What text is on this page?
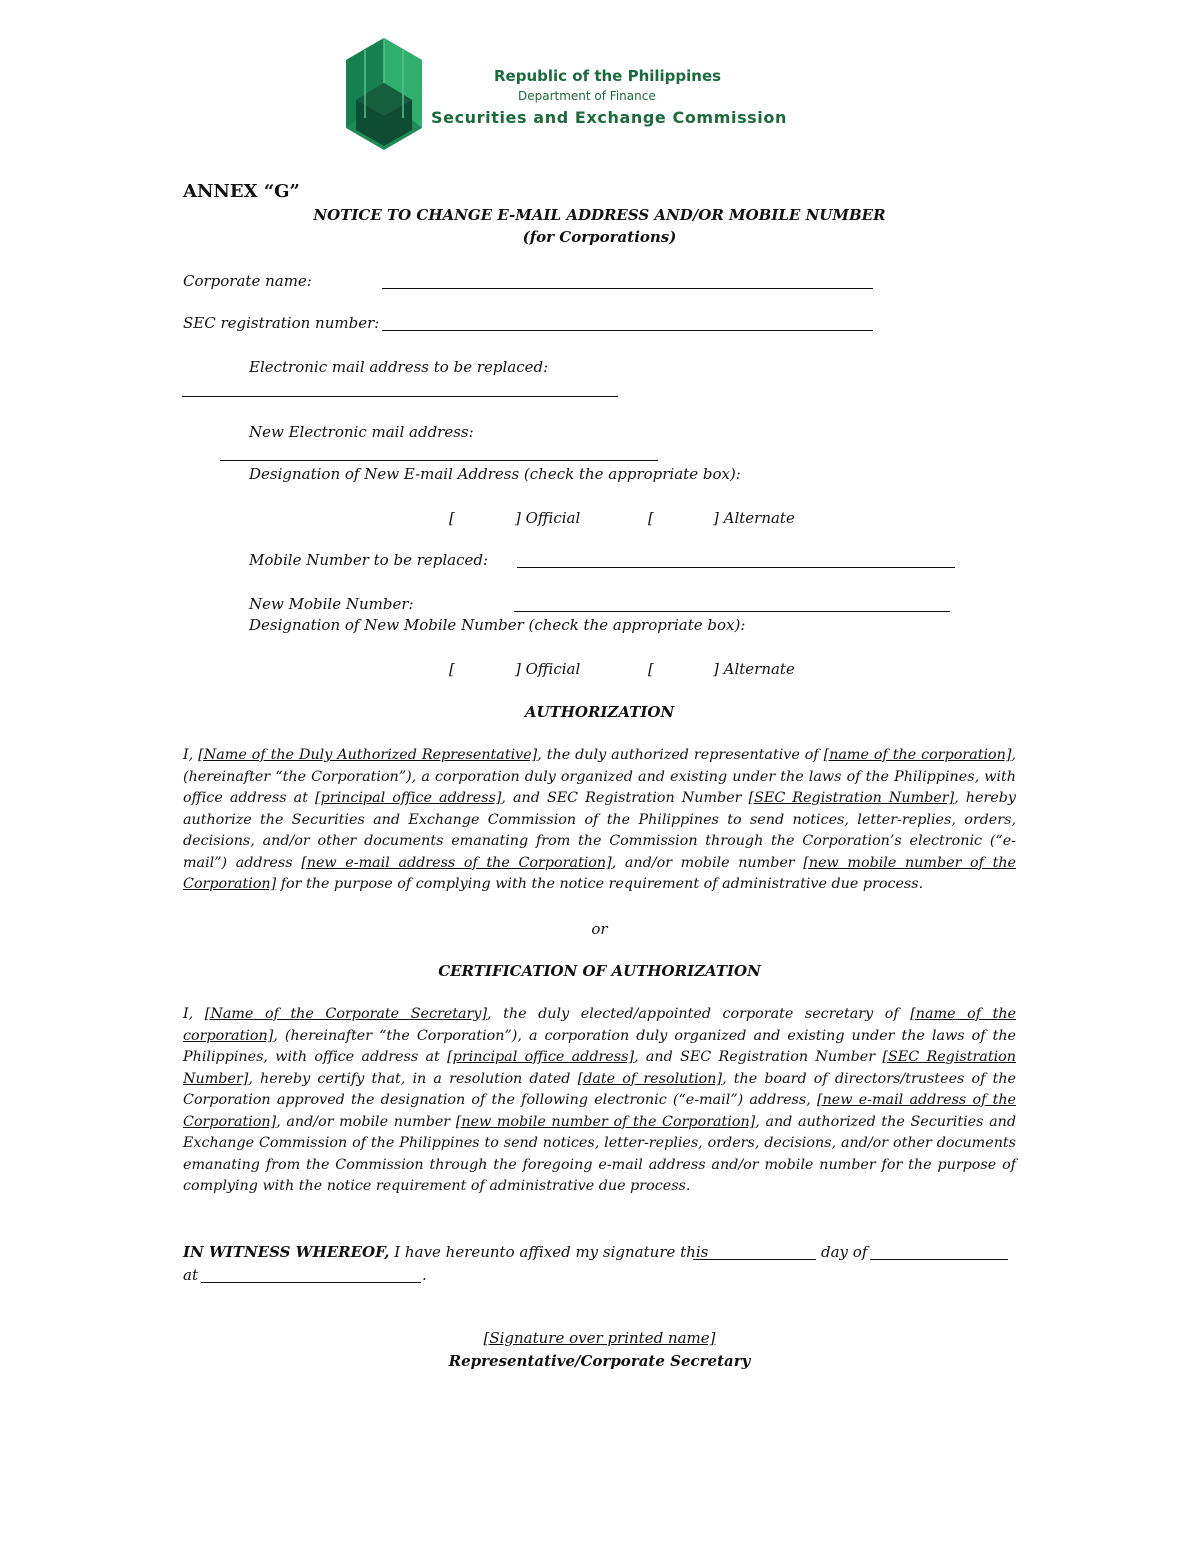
Republic of the Philippines
Department of Finance
Securities and Exchange Commission
ANNEX “G”
NOTICE TO CHANGE E-MAIL ADDRESS AND/OR MOBILE NUMBER
(for Corporations)
Corporate name:
SEC registration number:
Electronic mail address to be replaced:
New Electronic mail address:
Designation of New E-mail Address (check the appropriate box):
[	] Official	[	] Alternate
Mobile Number to be replaced:
New Mobile Number:
Designation of New Mobile Number (check the appropriate box):
[	] Official	[	] Alternate
AUTHORIZATION
I, [Name of the Duly Authorized Representative], the duly authorized representative of [name of the corporation], (hereinafter “the Corporation”), a corporation duly organized and existing under the laws of the Philippines, with office address at [principal office address], and SEC Registration Number [SEC Registration Number], hereby authorize the Securities and Exchange Commission of the Philippines to send notices, letter-replies, orders, decisions, and/or other documents emanating from the Commission through the Corporation’s electronic (“e-mail”) address [new e-mail address of the Corporation], and/or mobile number [new mobile number of the Corporation] for the purpose of complying with the notice requirement of administrative due process.
or
CERTIFICATION OF AUTHORIZATION
I, [Name of the Corporate Secretary], the duly elected/appointed corporate secretary of [name of the corporation], (hereinafter “the Corporation”), a corporation duly organized and existing under the laws of the Philippines, with office address at [principal office address], and SEC Registration Number [SEC Registration Number], hereby certify that, in a resolution dated [date of resolution], the board of directors/trustees of the Corporation approved the designation of the following electronic (“e-mail”) address, [new e-mail address of the Corporation], and/or mobile number [new mobile number of the Corporation], and authorized the Securities and Exchange Commission of the Philippines to send notices, letter-replies, orders, decisions, and/or other documents emanating from the Commission through the foregoing e-mail address and/or mobile number for the purpose of complying with the notice requirement of administrative due process.
IN WITNESS WHEREOF, I have hereunto affixed my signature this	day of
at	.
[Signature over printed name]
Representative/Corporate Secretary
